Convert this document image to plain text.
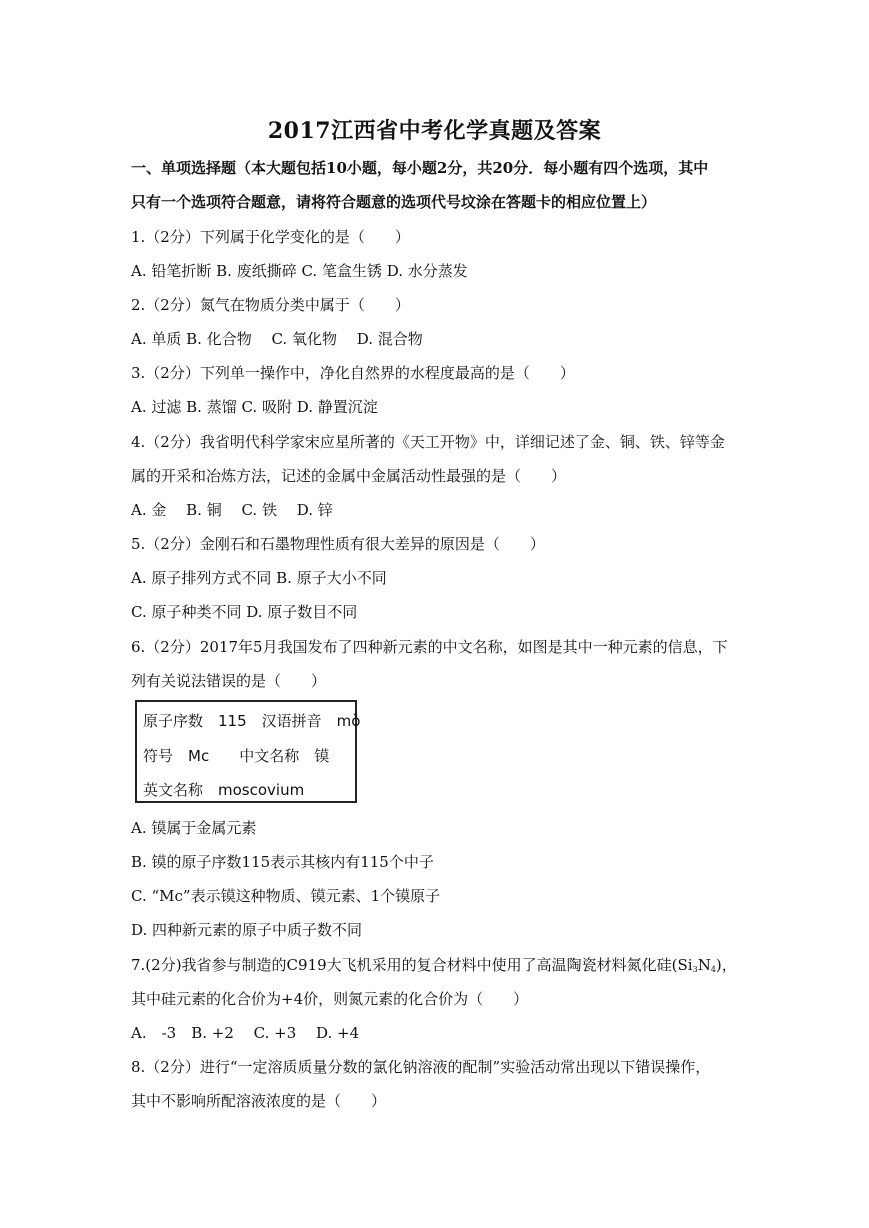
2017江西省中考化学真题及答案
一、单项选择题（本大题包括10小题，每小题2分，共20分．每小题有四个选项，其中
只有一个选项符合题意，请将符合题意的选项代号坟涂在答题卡的相应位置上）
1.（2分）下列属于化学变化的是（　　）
A. 铅笔折断 B. 废纸撕碎 C. 笔盒生锈 D. 水分蒸发
2.（2分）氮气在物质分类中属于（　　）
A. 单质 B. 化合物　 C. 氧化物　 D. 混合物
3.（2分）下列单一操作中，净化自然界的水程度最高的是（　　）
A. 过滤 B. 蒸馏 C. 吸附 D. 静置沉淀
4.（2分）我省明代科学家宋应星所著的《天工开物》中，详细记述了金、铜、铁、锌等金
属的开采和冶炼方法，记述的金属中金属活动性最强的是（　　）
A. 金　 B. 铜　 C. 铁　 D. 锌
5.（2分）金刚石和石墨物理性质有很大差异的原因是（　　）
A. 原子排列方式不同 B. 原子大小不同
C. 原子种类不同 D. 原子数目不同
6.（2分）2017年5月我国发布了四种新元素的中文名称，如图是其中一种元素的信息，下
列有关说法错误的是（　　）
原子序数　115　汉语拼音　mò
符号　Mc　　中文名称　镆
英文名称　moscovium
A. 镆属于金属元素
B. 镆的原子序数115表示其核内有115个中子
C. “Mc”表示镆这种物质、镆元素、1个镆原子
D. 四种新元素的原子中质子数不同
7.(2分)我省参与制造的C919大飞机采用的复合材料中使用了高温陶瓷材料氮化硅$(Si_3N_4)$，
其中硅元素的化合价为+4价，则氮元素的化合价为（　　）
A.　-3　B. +2　 C. +3　 D. +4
8.（2分）进行“一定溶质质量分数的氯化钠溶液的配制”实验活动常出现以下错误操作，
其中不影响所配溶液浓度的是（　　）
